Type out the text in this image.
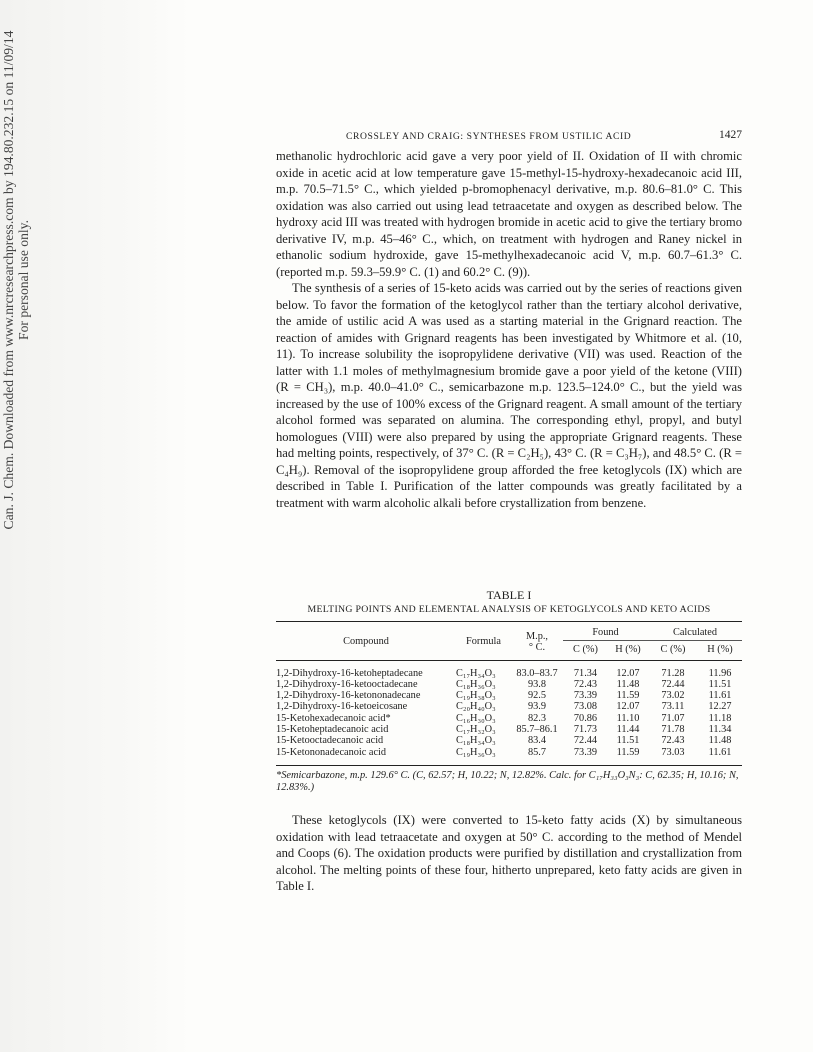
Can. J. Chem. Downloaded from www.nrcresearchpress.com by 194.80.232.15 on 11/09/14 For personal use only.
CROSSLEY AND CRAIG: SYNTHESES FROM USTILIC ACID	1427

methanolic hydrochloric acid gave a very poor yield of II. Oxidation of II with chromic oxide in acetic acid at low temperature gave 15-methyl-15-hydroxy-hexadecanoic acid III, m.p. 70.5–71.5° C., which yielded p-bromophenacyl derivative, m.p. 80.6–81.0° C. This oxidation was also carried out using lead tetraacetate and oxygen as described below. The hydroxy acid III was treated with hydrogen bromide in acetic acid to give the tertiary bromo derivative IV, m.p. 45–46° C., which, on treatment with hydrogen and Raney nickel in ethanolic sodium hydroxide, gave 15-methylhexadecanoic acid V, m.p. 60.7–61.3° C. (reported m.p. 59.3–59.9° C. (1) and 60.2° C. (9)).

The synthesis of a series of 15-keto acids was carried out by the series of reactions given below. To favor the formation of the ketoglycol rather than the tertiary alcohol derivative, the amide of ustilic acid A was used as a starting material in the Grignard reaction. The reaction of amides with Grignard reagents has been investigated by Whitmore et al. (10, 11). To increase solubility the isopropylidene derivative (VII) was used. Reaction of the latter with 1.1 moles of methylmagnesium bromide gave a poor yield of the ketone (VIII) (R = CH₃), m.p. 40.0–41.0° C., semicarbazone m.p. 123.5–124.0° C., but the yield was increased by the use of 100% excess of the Grignard reagent. A small amount of the tertiary alcohol formed was separated on alumina. The corresponding ethyl, propyl, and butyl homologues (VIII) were also prepared by using the appropriate Grignard reagents. These had melting points, respectively, of 37° C. (R = C₂H₅), 43° C. (R = C₃H₇), and 48.5° C. (R = C₄H₉). Removal of the isopropylidene group afforded the free ketoglycols (IX) which are described in Table I. Purification of the latter compounds was greatly facilitated by a treatment with warm alcoholic alkali before crystallization from benzene.

TABLE I
MELTING POINTS AND ELEMENTAL ANALYSIS OF KETOGLYCOLS AND KETO ACIDS

Compound	Formula	M.p.,
° C.	Found		Calculated	
			C (%)	H (%)	C (%)	H (%)

1,2-Dihydroxy-16-ketoheptadecane	C₁₇H₃₄O₃	83.0–83.7	71.34	12.07	71.28	11.96
1,2-Dihydroxy-16-ketooctadecane	C₁₈H₃₆O₃	93.8	72.43	11.48	72.44	11.51
1,2-Dihydroxy-16-ketononadecane	C₁₉H₃₈O₃	92.5	73.39	11.59	73.02	11.61
1,2-Dihydroxy-16-ketoeicosane	C₂₀H₄₀O₃	93.9	73.08	12.07	73.11	12.27
15-Ketohexadecanoic acid*	C₁₆H₃₀O₃	82.3	70.86	11.10	71.07	11.18
15-Ketoheptadecanoic acid	C₁₇H₃₂O₃	85.7–86.1	71.73	11.44	71.78	11.34
15-Ketooctadecanoic acid	C₁₈H₃₄O₃	83.4	72.44	11.51	72.43	11.48
15-Ketononadecanoic acid	C₁₉H₃₆O₃	85.7	73.39	11.59	73.03	11.61

*Semicarbazone, m.p. 129.6° C. (C, 62.57; H, 10.22; N, 12.82%. Calc. for C₁₇H₃₃O₃N₃: C, 62.35; H, 10.16; N, 12.83%.)

These ketoglycols (IX) were converted to 15-keto fatty acids (X) by simultaneous oxidation with lead tetraacetate and oxygen at 50° C. according to the method of Mendel and Coops (6). The oxidation products were purified by distillation and crystallization from alcohol. The melting points of these four, hitherto unprepared, keto fatty acids are given in Table I.
